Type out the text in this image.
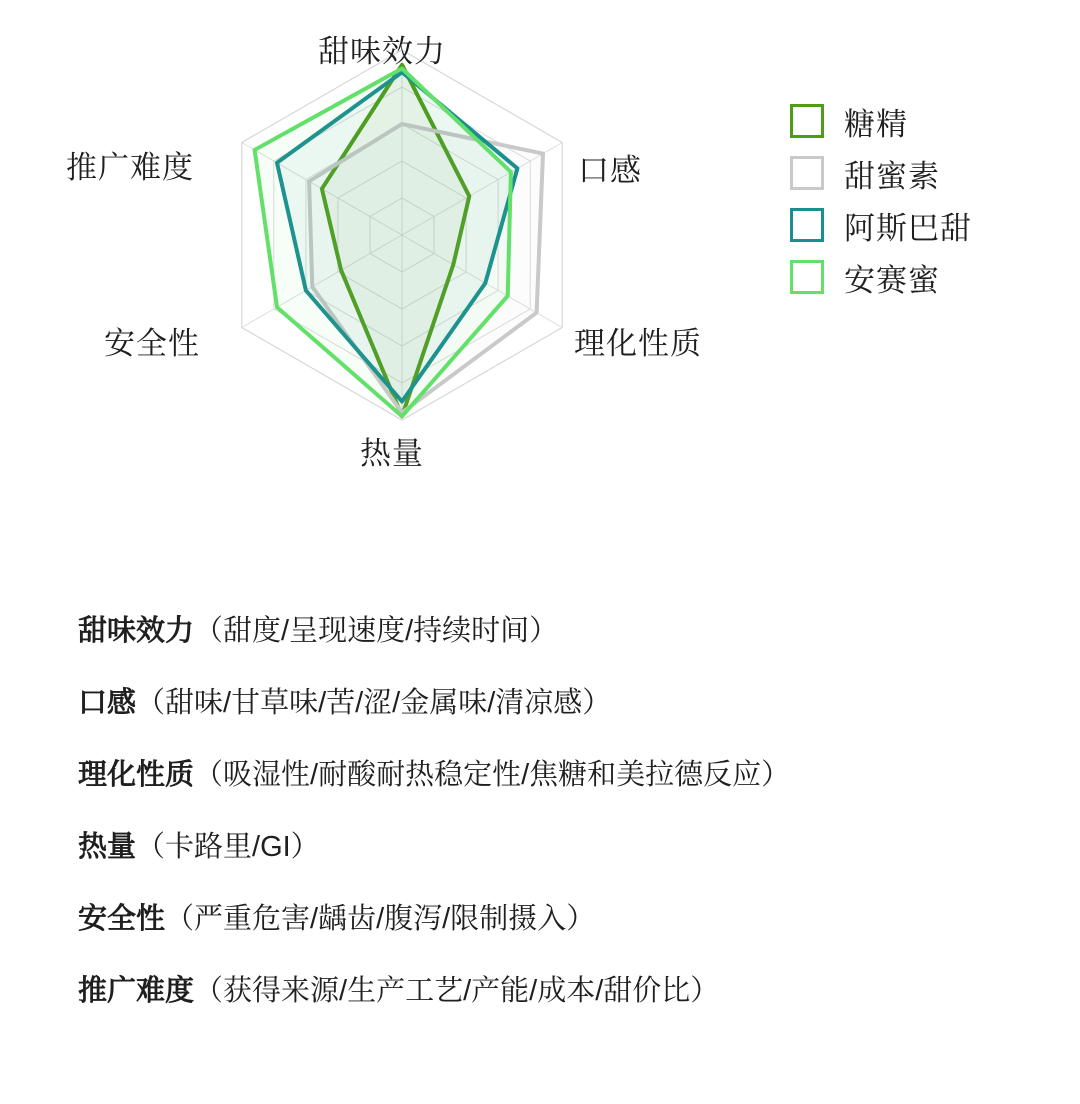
甜味效力
口感
理化性质
热量
安全性
推广难度
糖精
甜蜜素
阿斯巴甜
安赛蜜
甜味效力（甜度/呈现速度/持续时间）
口感（甜味/甘草味/苦/涩/金属味/清凉感）
理化性质（吸湿性/耐酸耐热稳定性/焦糖和美拉德反应）
热量（卡路里/GI）
安全性（严重危害/龋齿/腹泻/限制摄入）
推广难度（获得来源/生产工艺/产能/成本/甜价比）
